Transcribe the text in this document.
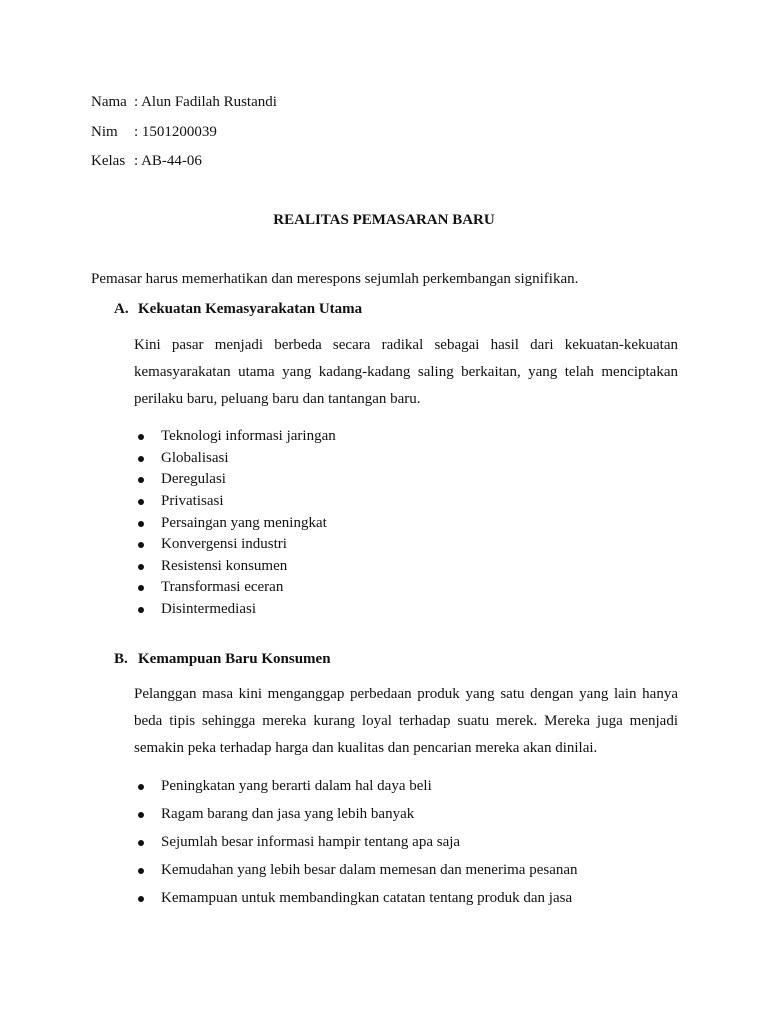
Nama : Alun Fadilah Rustandi
Nim : 1501200039
Kelas : AB-44-06
REALITAS PEMASARAN BARU
Pemasar harus memerhatikan dan merespons sejumlah perkembangan signifikan.
A. Kekuatan Kemasyarakatan Utama
Kini pasar menjadi berbeda secara radikal sebagai hasil dari kekuatan-kekuatan
kemasyarakatan utama yang kadang-kadang saling berkaitan, yang telah menciptakan
perilaku baru, peluang baru dan tantangan baru.
Teknologi informasi jaringan
Globalisasi
Deregulasi
Privatisasi
Persaingan yang meningkat
Konvergensi industri
Resistensi konsumen
Transformasi eceran
Disintermediasi
B. Kemampuan Baru Konsumen
Pelanggan masa kini menganggap perbedaan produk yang satu dengan yang lain hanya
beda tipis sehingga mereka kurang loyal terhadap suatu merek. Mereka juga menjadi
semakin peka terhadap harga dan kualitas dan pencarian mereka akan dinilai.
Peningkatan yang berarti dalam hal daya beli
Ragam barang dan jasa yang lebih banyak
Sejumlah besar informasi hampir tentang apa saja
Kemudahan yang lebih besar dalam memesan dan menerima pesanan
Kemampuan untuk membandingkan catatan tentang produk dan jasa
